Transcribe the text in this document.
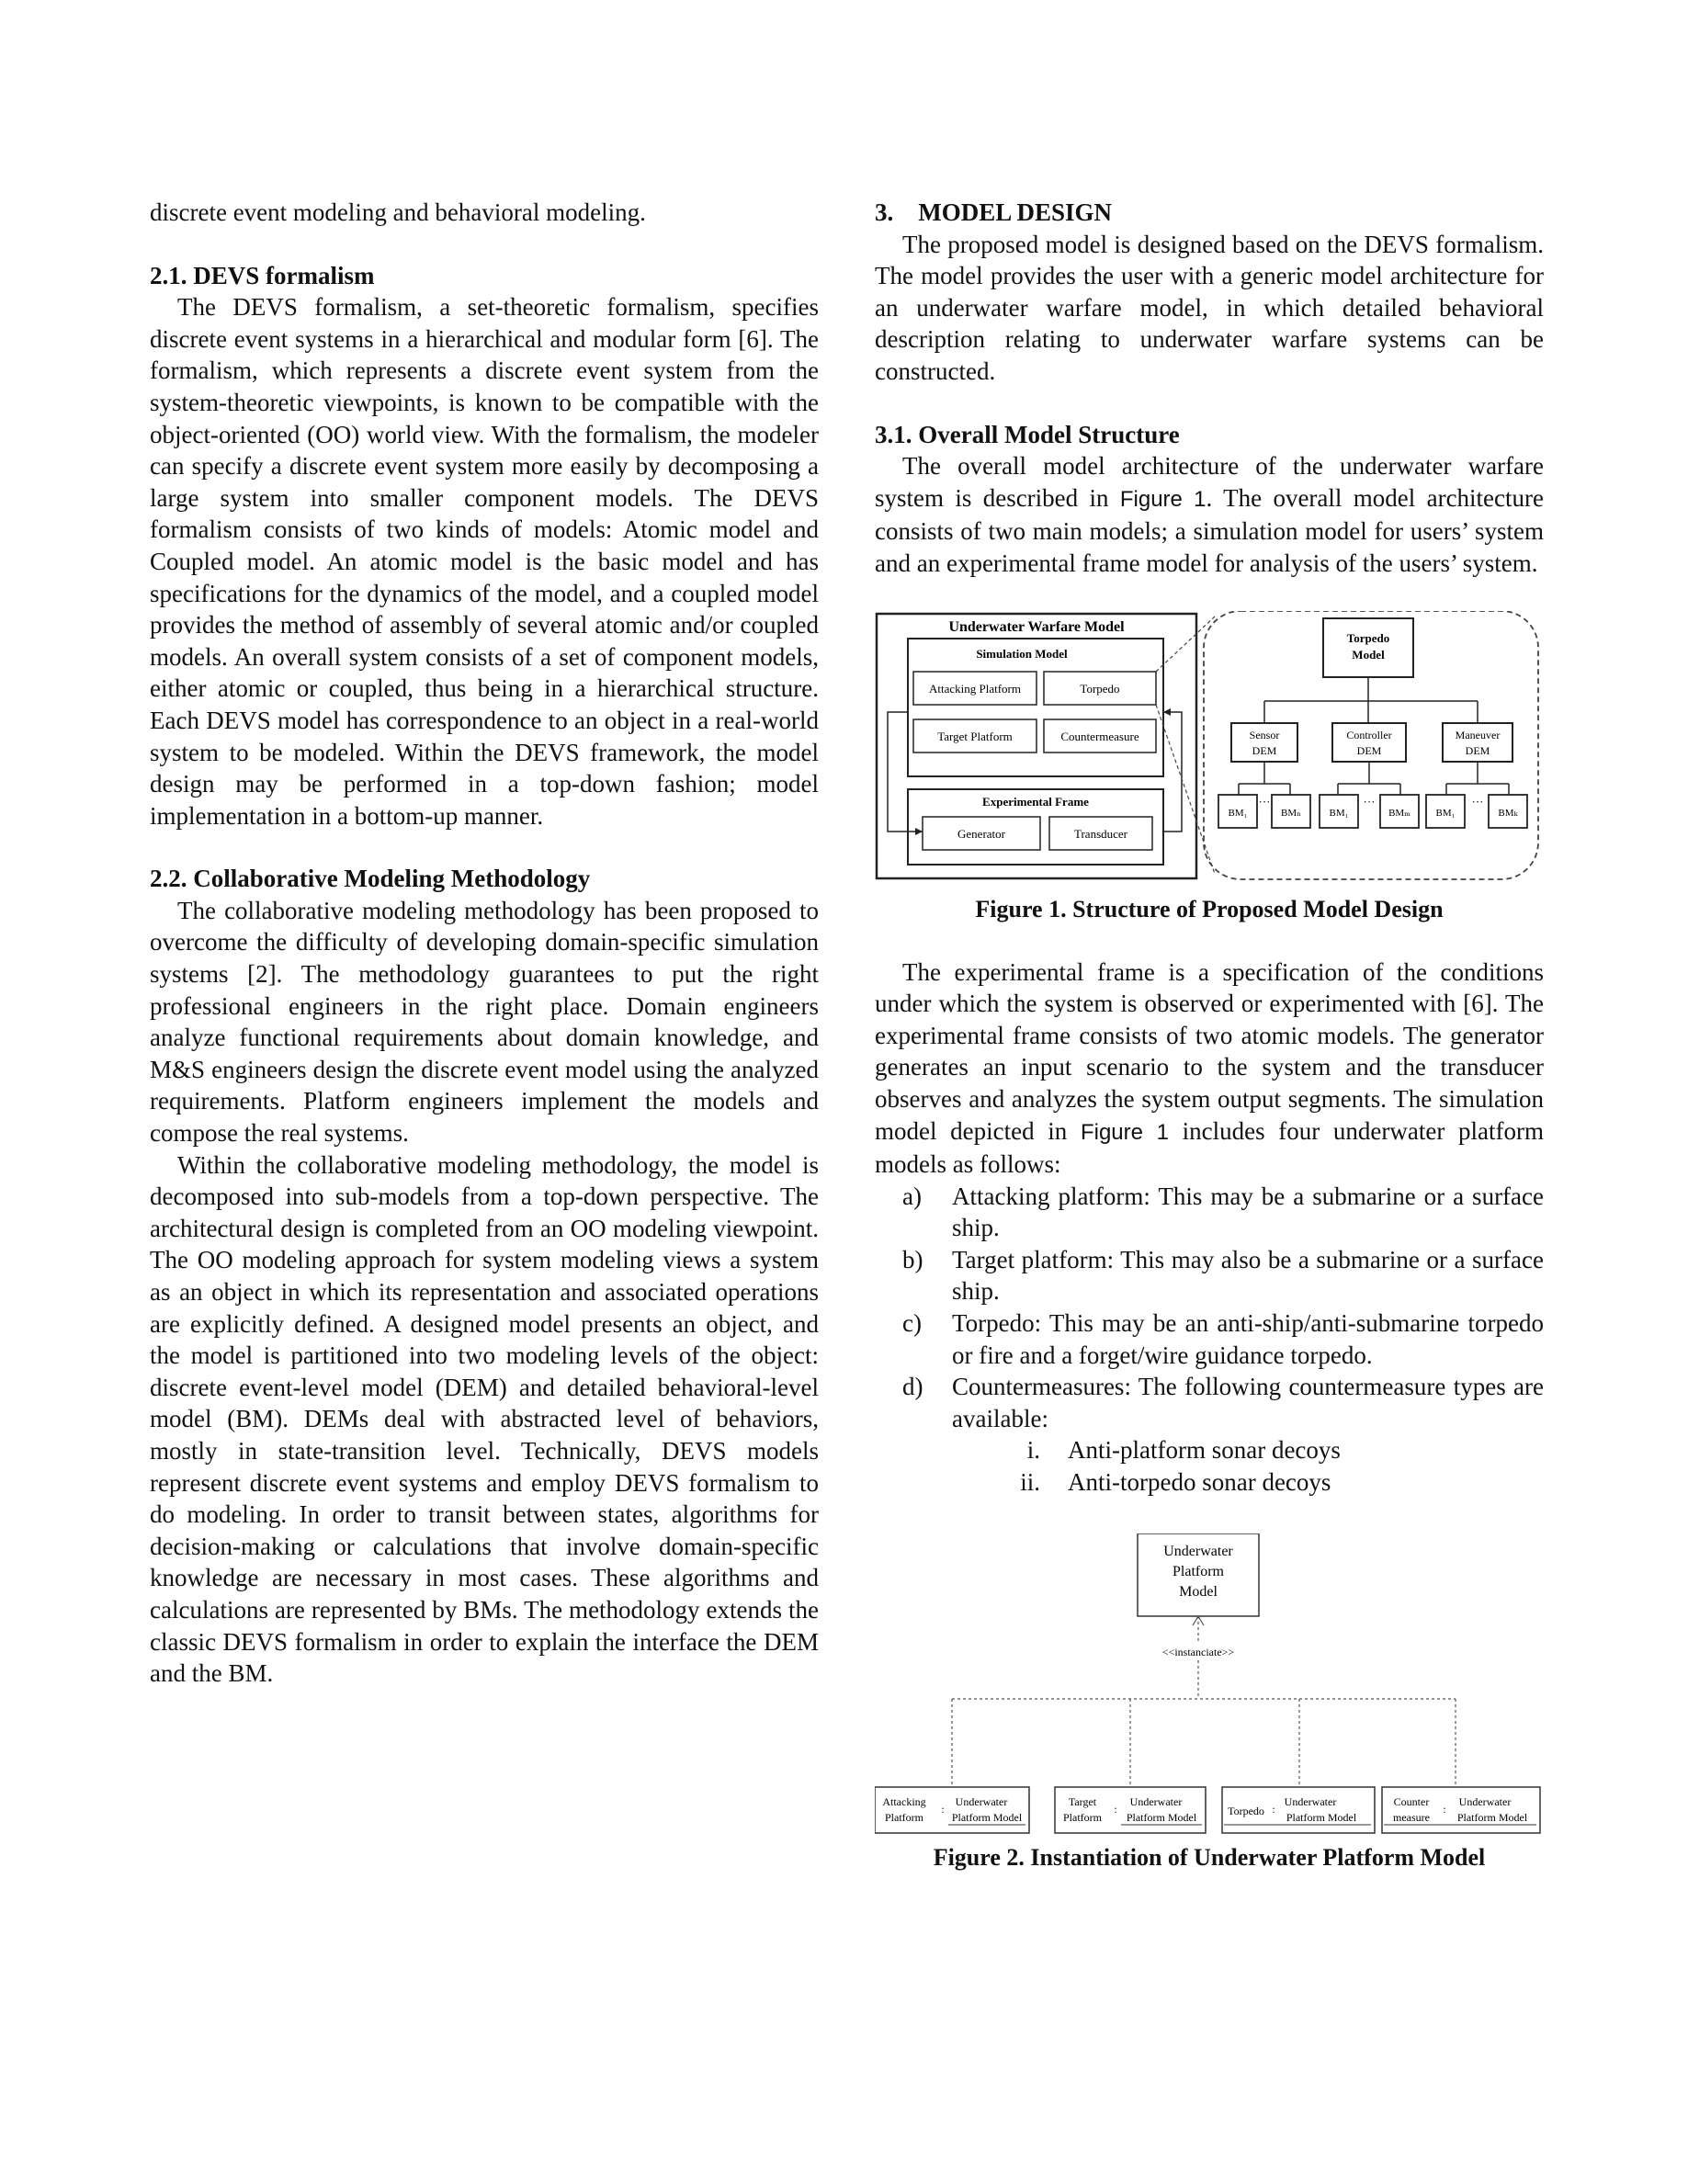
discrete event modeling and behavioral modeling.

2.1. DEVS formalism

The DEVS formalism, a set-theoretic formalism, specifies discrete event systems in a hierarchical and modular form [6]. The formalism, which represents a discrete event system from the system-theoretic viewpoints, is known to be compatible with the object-oriented (OO) world view. With the formalism, the modeler can specify a discrete event system more easily by decomposing a large system into smaller component models. The DEVS formalism consists of two kinds of models: Atomic model and Coupled model. An atomic model is the basic model and has specifications for the dynamics of the model, and a coupled model provides the method of assembly of several atomic and/or coupled models. An overall system consists of a set of component models, either atomic or coupled, thus being in a hierarchical structure. Each DEVS model has correspondence to an object in a real-world system to be modeled. Within the DEVS framework, the model design may be performed in a top-down fashion; model implementation in a bottom-up manner.

2.2. Collaborative Modeling Methodology

The collaborative modeling methodology has been proposed to overcome the difficulty of developing domain-specific simulation systems [2]. The methodology guarantees to put the right professional engineers in the right place. Domain engineers analyze functional requirements about domain knowledge, and M&S engineers design the discrete event model using the analyzed requirements. Platform engineers implement the models and compose the real systems.

Within the collaborative modeling methodology, the model is decomposed into sub-models from a top-down perspective. The architectural design is completed from an OO modeling viewpoint. The OO modeling approach for system modeling views a system as an object in which its representation and associated operations are explicitly defined. A designed model presents an object, and the model is partitioned into two modeling levels of the object: discrete event-level model (DEM) and detailed behavioral-level model (BM). DEMs deal with abstracted level of behaviors, mostly in state-transition level. Technically, DEVS models represent discrete event systems and employ DEVS formalism to do modeling. In order to transit between states, algorithms for decision-making or calculations that involve domain-specific knowledge are necessary in most cases. These algorithms and calculations are represented by BMs. The methodology extends the classic DEVS formalism in order to explain the interface the DEM and the BM.

3.    MODEL DESIGN

The proposed model is designed based on the DEVS formalism. The model provides the user with a generic model architecture for an underwater warfare model, in which detailed behavioral description relating to underwater warfare systems can be constructed.

3.1. Overall Model Structure

The overall model architecture of the underwater warfare system is described in Figure 1. The overall model architecture consists of two main models; a simulation model for users’ system and an experimental frame model for analysis of the users’ system.

Underwater Warfare Model
Simulation Model
Attacking Platform	Torpedo
Target Platform	Countermeasure
Experimental Frame
Generator	Transducer
Torpedo
Model
Sensor
DEM
Controller
DEM
Maneuver
DEM
BM₁	BMₙ	BM₁	BMₘ	BM₁	BMₖ
···	···	···
Figure 1. Structure of Proposed Model Design

The experimental frame is a specification of the conditions under which the system is observed or experimented with [6]. The experimental frame consists of two atomic models. The generator generates an input scenario to the system and the transducer observes and analyzes the system output segments. The simulation model depicted in Figure 1 includes four underwater platform models as follows:

a) Attacking platform: This may be a submarine or a surface ship.
b) Target platform: This may also be a submarine or a surface ship.
c) Torpedo: This may be an anti-ship/anti-submarine torpedo or fire and a forget/wire guidance torpedo.
d) Countermeasures: The following countermeasure types are available:
i. Anti-platform sonar decoys
ii. Anti-torpedo sonar decoys
Underwater
Platform
Model
<<instanciate>>
Attacking
Platform
:
Underwater
Platform Model
Target
Platform
:
Underwater
Platform Model	Torpedo :
Underwater
Platform Model
Counter
measure
:
Underwater
Platform Model
Figure 2. Instantiation of Underwater Platform Model
